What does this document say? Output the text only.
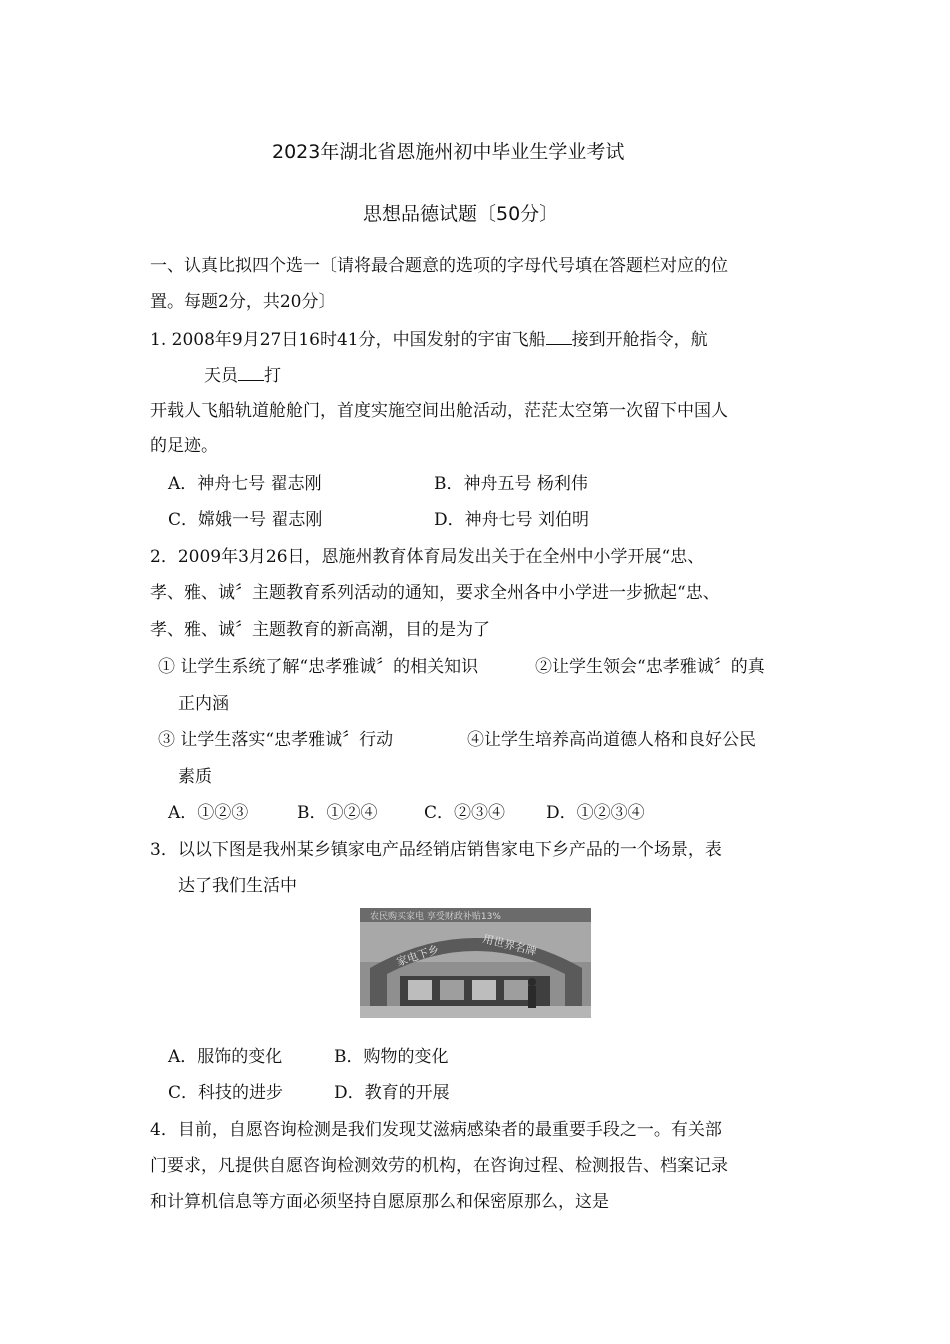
2023年湖北省恩施州初中毕业生学业考试
思想品德试题〔50分〕
一、认真比拟四个选一〔请将最合题意的选项的字母代号填在答题栏对应的位
置。每题2分，共20分〕
1. 2008年9月27日16时41分，中国发射的宇宙飞船 接到开舱指令，航
天员 打
开载人飞船轨道舱舱门，首度实施空间出舱活动，茫茫太空第一次留下中国人
的足迹。
A．神舟七号 翟志刚	B．神舟五号 杨利伟
C．嫦娥一号 翟志刚	D．神舟七号 刘伯明
2．2009年3月26日，恩施州教育体育局发出关于在全州中小学开展“忠、
孝、雅、诚〞主题教育系列活动的通知，要求全州各中小学进一步掀起“忠、
孝、雅、诚〞主题教育的新高潮，目的是为了
① 让学生系统了解“忠孝雅诚〞的相关知识	②让学生领会“忠孝雅诚〞的真
正内涵
③ 让学生落实“忠孝雅诚〞行动	④让学生培养高尚道德人格和良好公民
素质
A．①②③	B．①②④	C．②③④ D．①②③④
3．以以下图是我州某乡镇家电产品经销店销售家电下乡产品的一个场景，表
达了我们生活中
农民购买家电 享受财政补贴13%
家电下乡	用世界名牌
A．服饰的变化	B．购物的变化
C．科技的进步	D．教育的开展
4．目前，自愿咨询检测是我们发现艾滋病感染者的最重要手段之一。有关部
门要求，凡提供自愿咨询检测效劳的机构，在咨询过程、检测报告、档案记录
和计算机信息等方面必须坚持自愿原那么和保密原那么，这是
